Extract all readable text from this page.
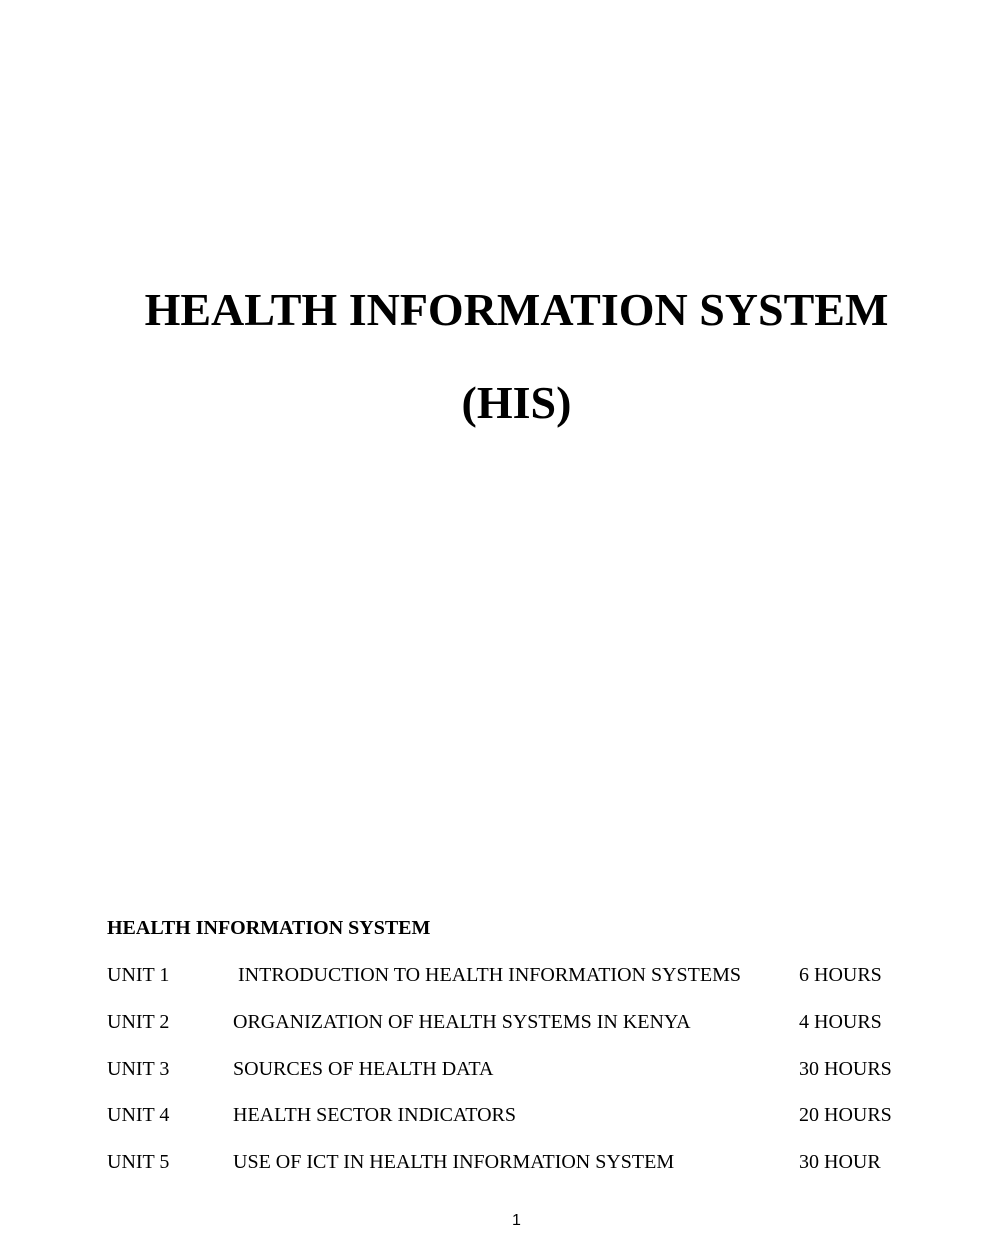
HEALTH INFORMATION SYSTEM
(HIS)
HEALTH INFORMATION SYSTEM
UNIT 1	INTRODUCTION TO HEALTH INFORMATION SYSTEMS	6 HOURS
UNIT 2	ORGANIZATION OF HEALTH SYSTEMS IN KENYA	4 HOURS
UNIT 3	SOURCES OF HEALTH DATA	30 HOURS
UNIT 4	HEALTH SECTOR INDICATORS	20 HOURS
UNIT 5	USE OF ICT IN HEALTH INFORMATION SYSTEM	30 HOUR
1
